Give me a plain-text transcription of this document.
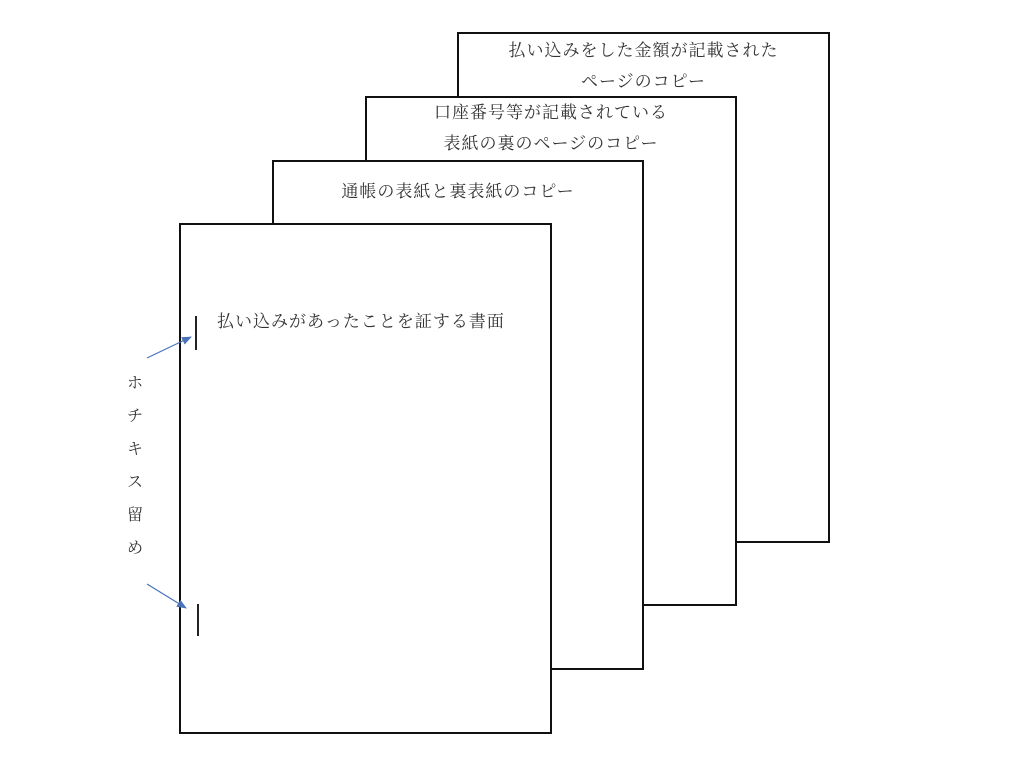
払い込みをした金額が記載された
ページのコピー
口座番号等が記載されている
表紙の裏のページのコピー
通帳の表紙と裏表紙のコピー
払い込みがあったことを証する書面
ホ
チ
キ
ス
留
め
